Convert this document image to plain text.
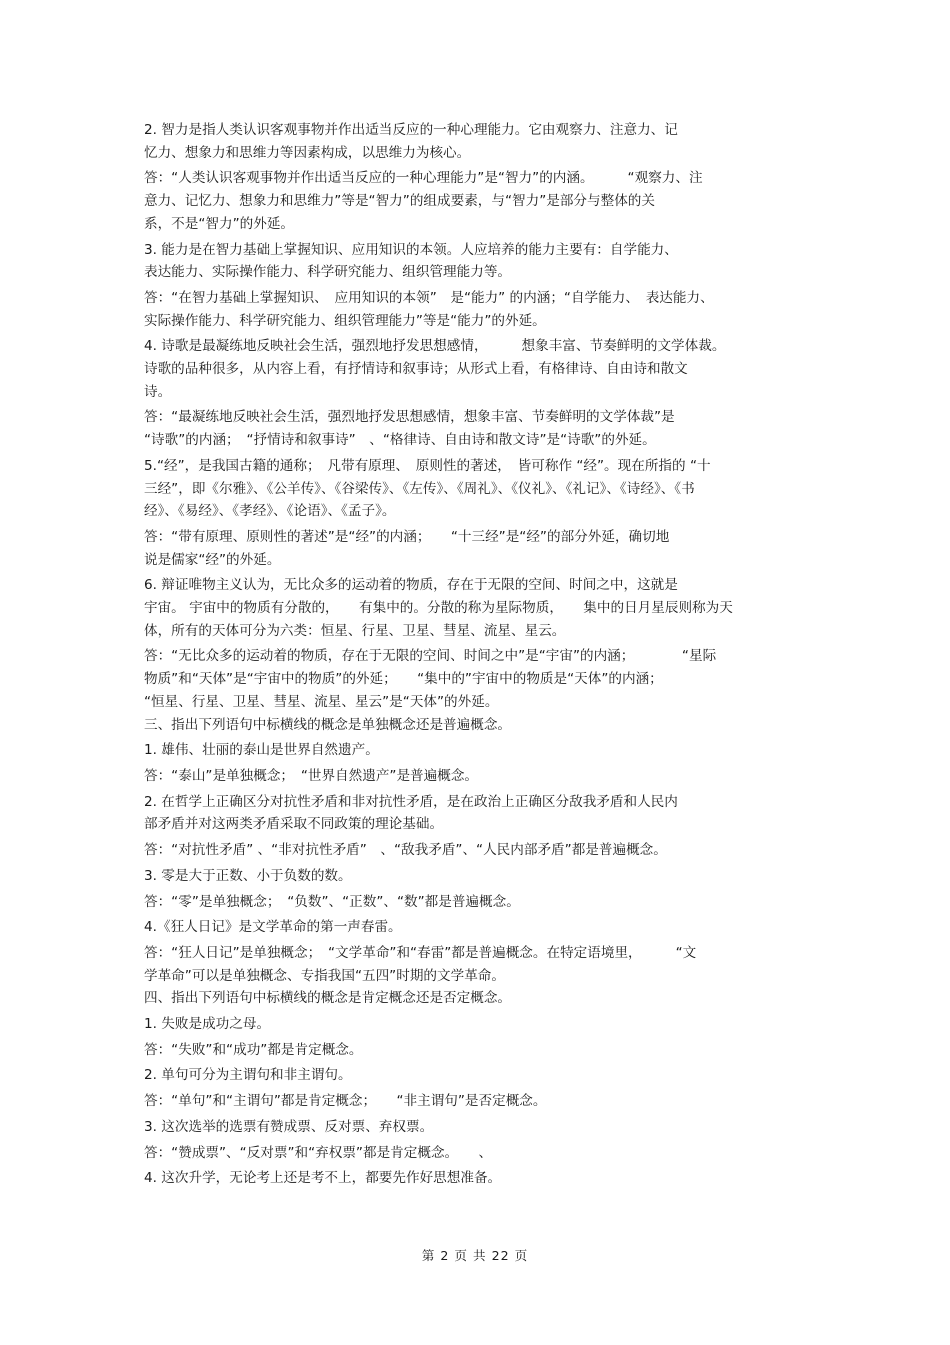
2. 智力是指人类认识客观事物并作出适当反应的一种心理能力。它由观察力、注意力、记
忆力、想象力和思维力等因素构成，以思维力为核心。
答：“人类认识客观事物并作出适当反应的一种心理能力”是“智力”的内涵。　　　“观察力、注
意力、记忆力、想象力和思维力”等是“智力”的组成要素，与“智力”是部分与整体的关
系，不是“智力”的外延。
3. 能力是在智力基础上掌握知识、应用知识的本领。人应培养的能力主要有：自学能力、
表达能力、实际操作能力、科学研究能力、组织管理能力等。
答：“在智力基础上掌握知识、　应用知识的本领”　是“能力” 的内涵；“自学能力、　表达能力、
实际操作能力、科学研究能力、组织管理能力”等是“能力”的外延。
4. 诗歌是最凝练地反映社会生活，强烈地抒发思想感情，　　　想象丰富、节奏鲜明的文学体裁。
诗歌的品种很多，从内容上看，有抒情诗和叙事诗；从形式上看，有格律诗、自由诗和散文
诗。
答：“最凝练地反映社会生活，强烈地抒发思想感情，想象丰富、节奏鲜明的文学体裁”是
“诗歌”的内涵；　“抒情诗和叙事诗”　、“格律诗、自由诗和散文诗”是“诗歌”的外延。
5.“经”，是我国古籍的通称；　凡带有原理、　原则性的著述，　皆可称作 “经”。现在所指的 “十
三经”，即《尔雅》、《公羊传》、《谷梁传》、《左传》、《周礼》、《仪礼》、《礼记》、《诗经》、《书
经》、《易经》、《孝经》、《论语》、《孟子》。
答：“带有原理、原则性的著述”是“经”的内涵；　　“十三经”是“经”的部分外延，确切地
说是儒家“经”的外延。
6. 辩证唯物主义认为，无比众多的运动着的物质，存在于无限的空间、时间之中，这就是
宇宙。 宇宙中的物质有分散的，　　有集中的。分散的称为星际物质，　　集中的日月星辰则称为天
体，所有的天体可分为六类：恒星、行星、卫星、彗星、流星、星云。
答：“无比众多的运动着的物质，存在于无限的空间、时间之中”是“宇宙”的内涵；　　　　“星际
物质”和“天体”是“宇宙中的物质”的外延；　　“集中的”宇宙中的物质是“天体”的内涵；
“恒星、行星、卫星、彗星、流星、星云”是“天体”的外延。
三、指出下列语句中标横线的概念是单独概念还是普遍概念。
1. 雄伟、壮丽的泰山是世界自然遗产。
答：“泰山”是单独概念；　“世界自然遗产”是普遍概念。
2. 在哲学上正确区分对抗性矛盾和非对抗性矛盾，是在政治上正确区分敌我矛盾和人民内
部矛盾并对这两类矛盾采取不同政策的理论基础。
答：“对抗性矛盾” 、“非对抗性矛盾”　、“敌我矛盾”、“人民内部矛盾”都是普遍概念。
3. 零是大于正数、小于负数的数。
答：“零”是单独概念；　“负数”、“正数”、“数”都是普遍概念。
4.《狂人日记》是文学革命的第一声春雷。
答：“狂人日记”是单独概念；　“文学革命”和“春雷”都是普遍概念。在特定语境里，　　　“文
学革命”可以是单独概念、专指我国“五四”时期的文学革命。
四、指出下列语句中标横线的概念是肯定概念还是否定概念。
1. 失败是成功之母。
答：“失败”和“成功”都是肯定概念。
2. 单句可分为主谓句和非主谓句。
答：“单句”和“主谓句”都是肯定概念；　　“非主谓句”是否定概念。
3. 这次选举的选票有赞成票、反对票、弃权票。
答：“赞成票”、“反对票”和“弃权票”都是肯定概念。　　、
4. 这次升学，无论考上还是考不上，都要先作好思想准备。
第 2 页 共 22 页
